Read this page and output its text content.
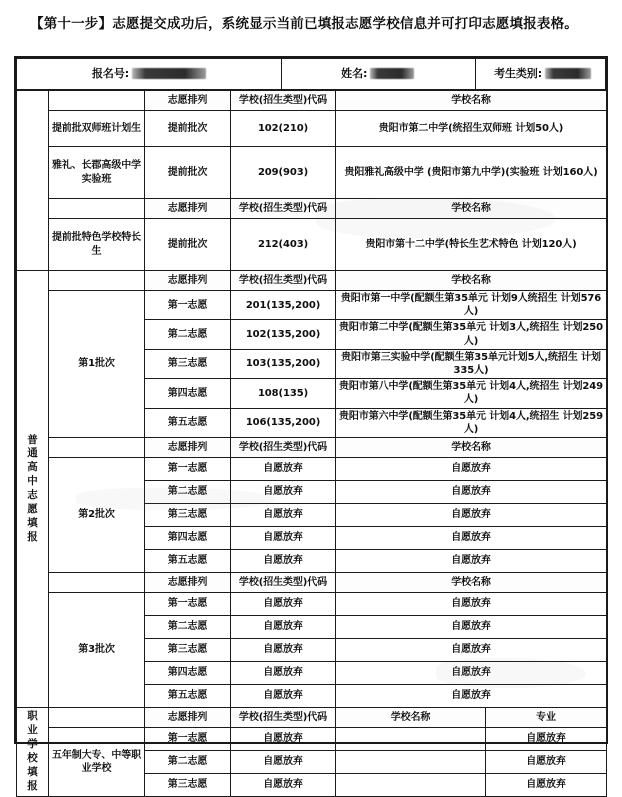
【第十一步】志愿提交成功后，系统显示当前已填报志愿学校信息并可打印志愿填报表格。
报名号:	姓名:	考生类别:
		志愿排列	学校(招生类型)代码	学校名称	
	提前批双师班计划生	提前批次	102(210)	贵阳市第二中学(统招生双师班 计划50人)	
	雅礼、长郡高级中学实验班	提前批次	209(903)	贵阳雅礼高级中学 (贵阳市第九中学)(实验班 计划160人)	
		志愿排列	学校(招生类型)代码	学校名称	
	提前批特色学校特长生	提前批次	212(403)	贵阳市第十二中学(特长生艺术特色 计划120人)	
普
通
高
中
志
愿
填
报		志愿排列	学校(招生类型)代码	学校名称
	第1批次	第一志愿	201(135,200)	贵阳市第一中学(配额生第35单元 计划9人统招生 计划576人)	
		第二志愿	102(135,200)	贵阳市第二中学(配额生第35单元 计划3人,统招生 计划250人)	
		第三志愿	103(135,200)	贵阳市第三实验中学(配额生第35单元计划5人,统招生 计划335人)	
		第四志愿	108(135)	贵阳市第八中学(配额生第35单元 计划4人,统招生 计划249人)	
		第五志愿	106(135,200)	贵阳市第六中学(配额生第35单元 计划4人,统招生 计划259人)	
		志愿排列	学校(招生类型)代码	学校名称	
	第2批次	第一志愿	自愿放弃	自愿放弃	
		第二志愿	自愿放弃	自愿放弃	
		第三志愿	自愿放弃	自愿放弃	
		第四志愿	自愿放弃	自愿放弃	
		第五志愿	自愿放弃	自愿放弃	
		志愿排列	学校(招生类型)代码	学校名称	
	第3批次	第一志愿	自愿放弃	自愿放弃	
		第二志愿	自愿放弃	自愿放弃	
		第三志愿	自愿放弃	自愿放弃	
		第四志愿	自愿放弃	自愿放弃	
		第五志愿	自愿放弃	自愿放弃	
职
业
学
校
填
报		志愿排列	学校(招生类型)代码	学校名称	专业
	五年制大专、中等职业学校	第一志愿	自愿放弃		自愿放弃
		第二志愿	自愿放弃		自愿放弃
		第三志愿	自愿放弃		自愿放弃
